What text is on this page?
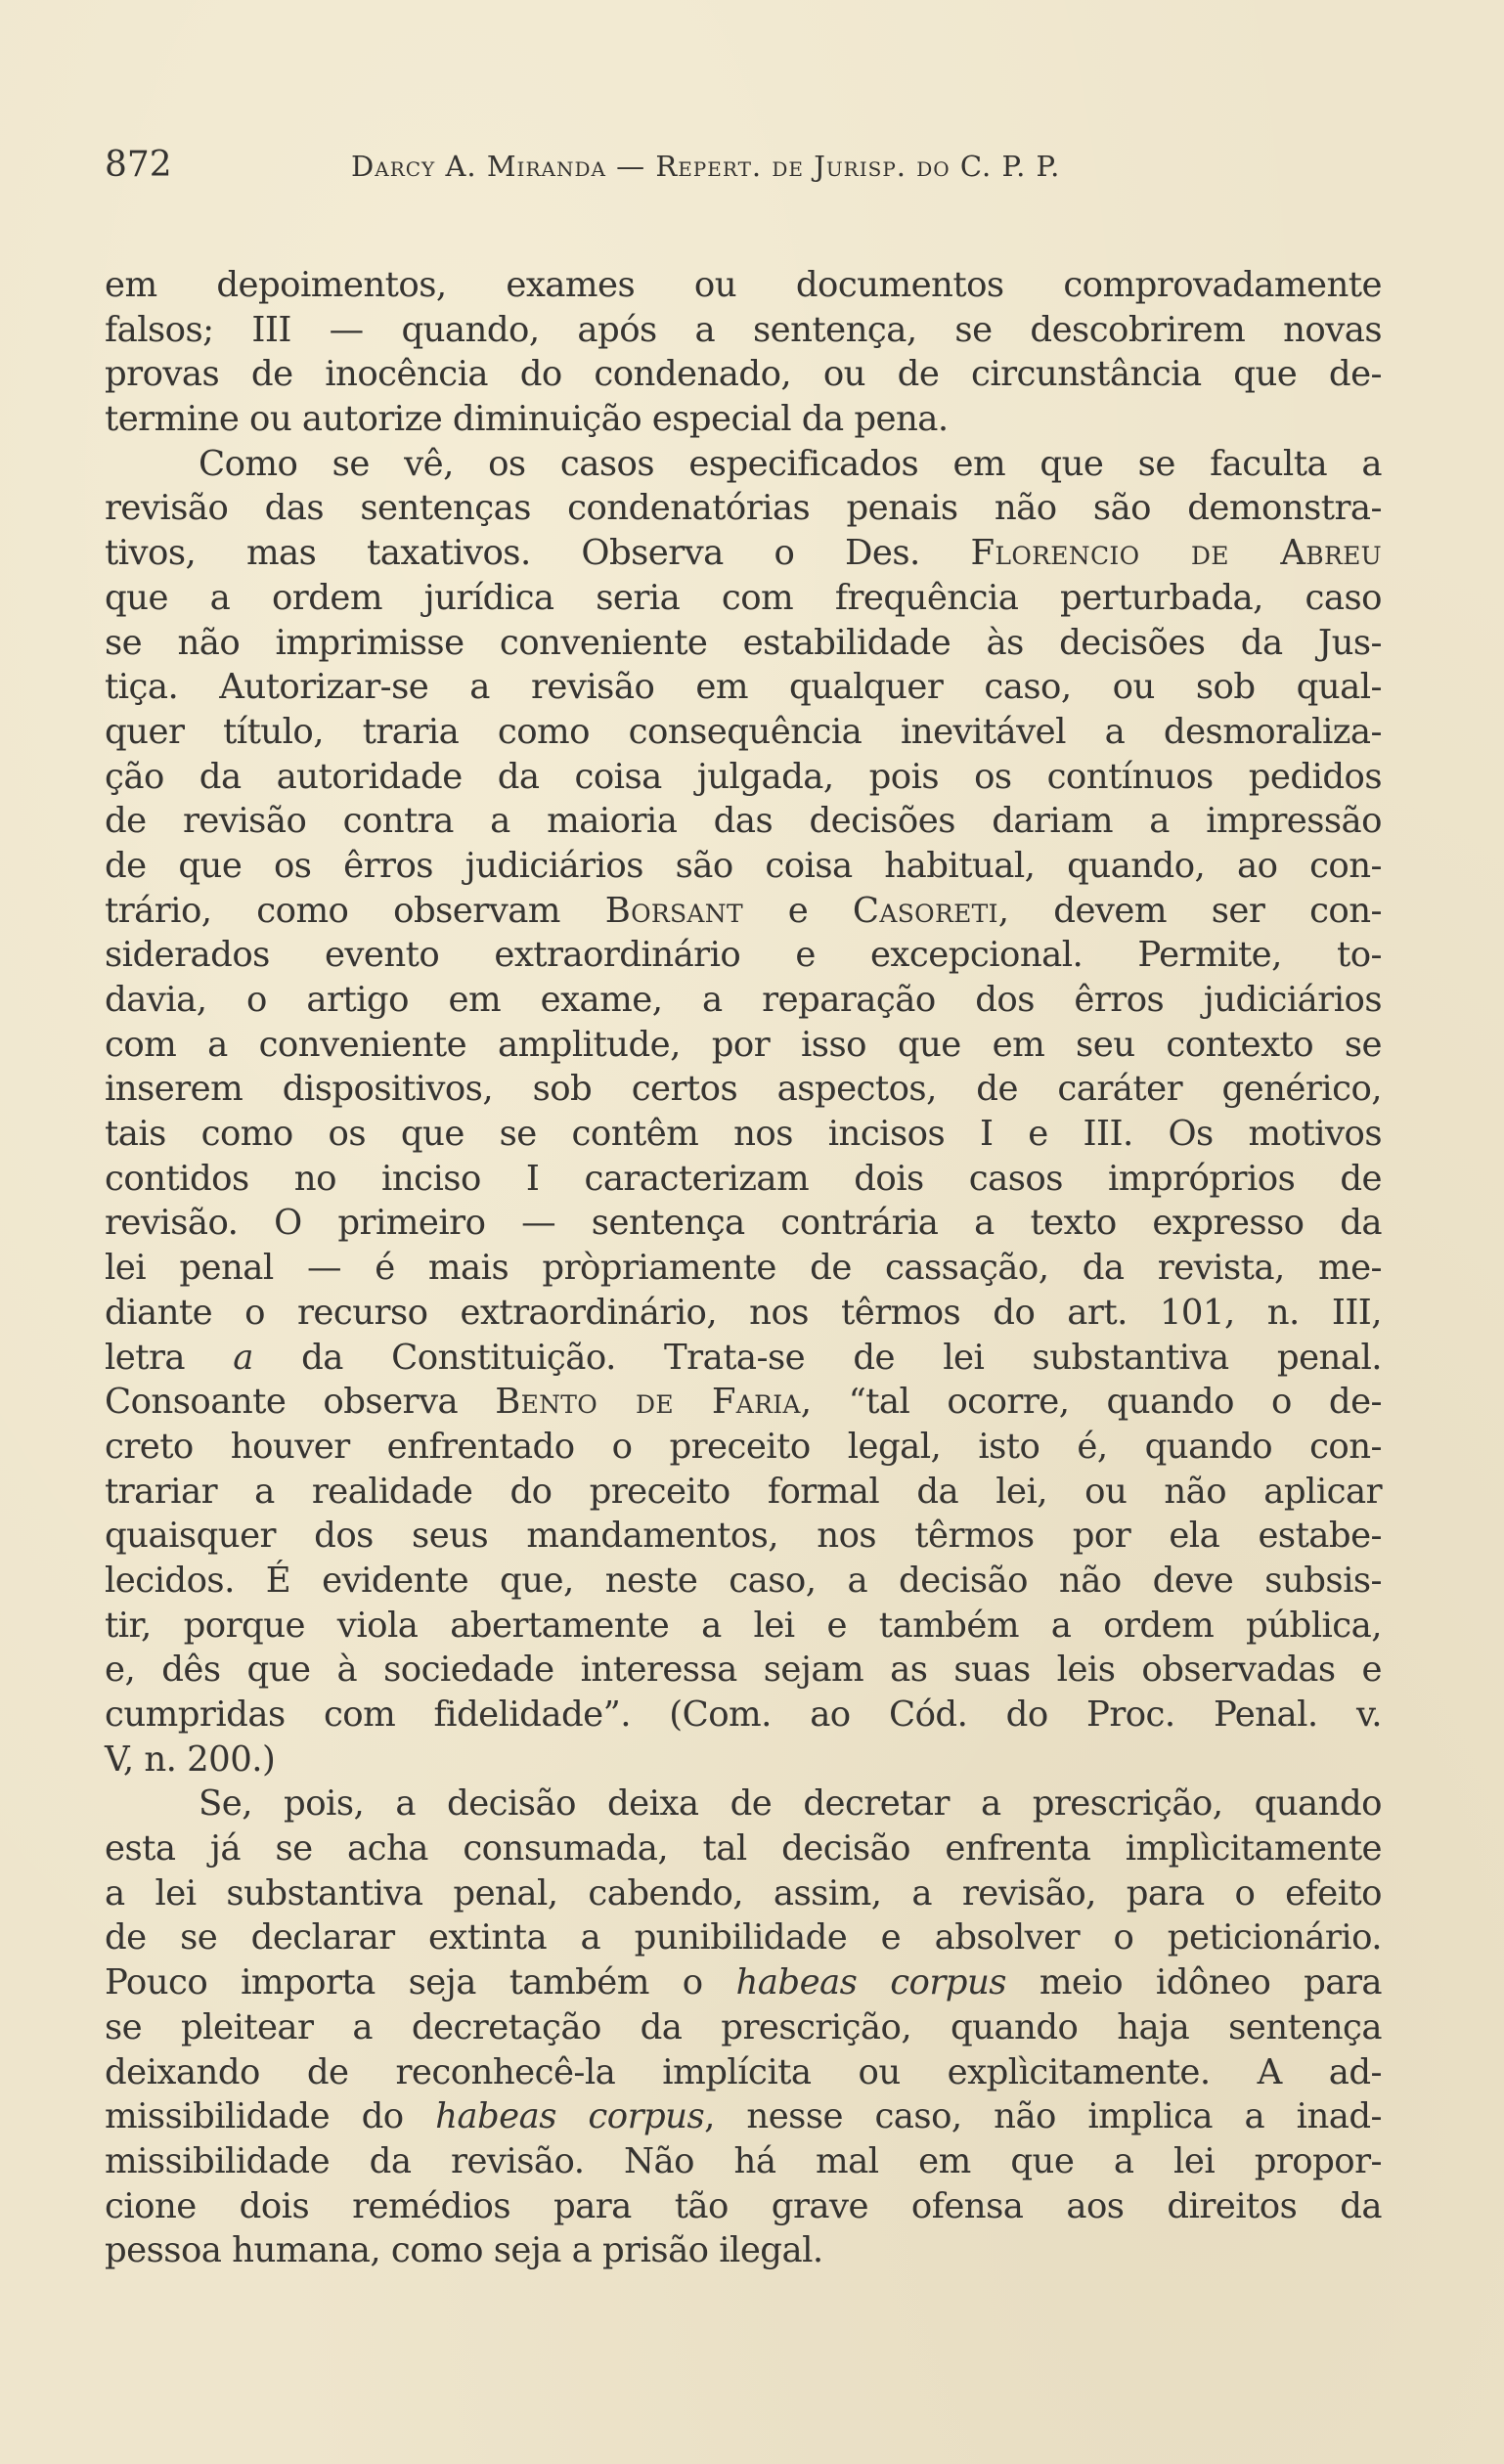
872	Darcy A. Miranda — Repert. de Jurisp. do C. P. P.
em depoimentos, exames ou documentos comprovadamente
falsos; III — quando, após a sentença, se descobrirem novas
provas de inocência do condenado, ou de circunstância que de-
termine ou autorize diminuição especial da pena.
Como se vê, os casos especificados em que se faculta a
revisão das sentenças condenatórias penais não são demonstra-
tivos, mas taxativos. Observa o Des. Florencio de Abreu
que a ordem jurídica seria com frequência perturbada, caso
se não imprimisse conveniente estabilidade às decisões da Jus-
tiça. Autorizar-se a revisão em qualquer caso, ou sob qual-
quer título, traria como consequência inevitável a desmoraliza-
ção da autoridade da coisa julgada, pois os contínuos pedidos
de revisão contra a maioria das decisões dariam a impressão
de que os êrros judiciários são coisa habitual, quando, ao con-
trário, como observam Borsant e Casoreti, devem ser con-
siderados evento extraordinário e excepcional. Permite, to-
davia, o artigo em exame, a reparação dos êrros judiciários
com a conveniente amplitude, por isso que em seu contexto se
inserem dispositivos, sob certos aspectos, de caráter genérico,
tais como os que se contêm nos incisos I e III. Os motivos
contidos no inciso I caracterizam dois casos impróprios de
revisão. O primeiro — sentença contrária a texto expresso da
lei penal — é mais pròpriamente de cassação, da revista, me-
diante o recurso extraordinário, nos têrmos do art. 101, n. III,
letra a da Constituição. Trata-se de lei substantiva penal.
Consoante observa Bento de Faria, “tal ocorre, quando o de-
creto houver enfrentado o preceito legal, isto é, quando con-
trariar a realidade do preceito formal da lei, ou não aplicar
quaisquer dos seus mandamentos, nos têrmos por ela estabe-
lecidos. É evidente que, neste caso, a decisão não deve subsis-
tir, porque viola abertamente a lei e também a ordem pública,
e, dês que à sociedade interessa sejam as suas leis observadas e
cumpridas com fidelidade”. (Com. ao Cód. do Proc. Penal. v.
V, n. 200.)
Se, pois, a decisão deixa de decretar a prescrição, quando
esta já se acha consumada, tal decisão enfrenta implìcitamente
a lei substantiva penal, cabendo, assim, a revisão, para o efeito
de se declarar extinta a punibilidade e absolver o peticionário.
Pouco importa seja também o habeas corpus meio idôneo para
se pleitear a decretação da prescrição, quando haja sentença
deixando de reconhecê-la implícita ou explìcitamente. A ad-
missibilidade do habeas corpus, nesse caso, não implica a inad-
missibilidade da revisão. Não há mal em que a lei propor-
cione dois remédios para tão grave ofensa aos direitos da
pessoa humana, como seja a prisão ilegal.
